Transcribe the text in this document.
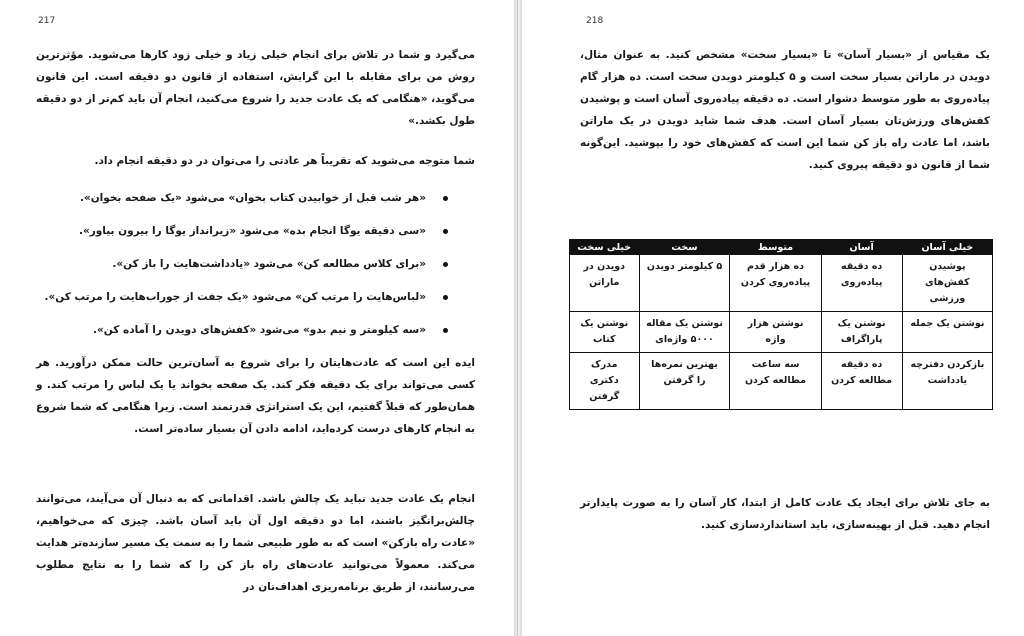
217

می‌گیرد و شما در تلاش برای انجام خیلی زیاد و خیلی زود کارها می‌شوید. مؤثرترین روش من برای مقابله با این گرایش، استفاده از قانون دو دقیقه است. این قانون می‌گوید، «هنگامی که یک عادت جدید را شروع می‌کنید، انجام آن باید کم‌تر از دو دقیقه طول بکشد.»

شما متوجه می‌شوید که تقریباً هر عادتی را می‌توان در دو دقیقه انجام داد.

«هر شب قبل از خوابیدن کتاب بخوان» می‌شود «یک صفحه بخوان».
«سی دقیقه یوگا انجام بده» می‌شود «زیرانداز یوگا را بیرون بیاور».
«برای کلاس مطالعه کن» می‌شود «یادداشت‌هایت را باز کن».
«لباس‌هایت را مرتب کن» می‌شود «یک جفت از جوراب‌هایت را مرتب کن».
«سه کیلومتر و نیم بدو» می‌شود «کفش‌های دویدن را آماده کن».

ایده این است که عادت‌هایتان را برای شروع به آسان‌ترین حالت ممکن درآورید. هر کسی می‌تواند برای یک دقیقه فکر کند. یک صفحه بخواند یا یک لباس را مرتب کند. و همان‌طور که قبلاً گفتیم، این یک استراتژی قدرتمند است. زیرا هنگامی که شما شروع به انجام کارهای درست کرده‌اید، ادامه دادن آن بسیار ساده‌تر است.

انجام یک عادت جدید نباید یک چالش باشد. اقداماتی که به دنبال آن می‌آیند، می‌توانند چالش‌برانگیز باشند، اما دو دقیقه اول آن باید آسان باشد. چیزی که می‌خواهیم، «عادت راه بازکن» است که به طور طبیعی شما را به سمت یک مسیر سازنده‌تر هدایت می‌کند. معمولاً می‌توانید عادت‌های راه باز کن را که شما را به نتایج مطلوب می‌رسانند، از طریق برنامه‌ریزی اهداف‌تان در

218

یک مقیاس از «بسیار آسان» تا «بسیار سخت» مشخص کنید. به عنوان مثال، دویدن در ماراتن بسیار سخت است و ۵ کیلومتر دویدن سخت است. ده هزار گام پیاده‌روی به طور متوسط دشوار است. ده دقیقه پیاده‌روی آسان است و پوشیدن کفش‌های ورزش‌تان بسیار آسان است. هدف شما شاید دویدن در یک ماراتن باشد، اما عادت راه باز کن شما این است که کفش‌های خود را بپوشید. این‌گونه شما از قانون دو دقیقه پیروی کنید.

به جای تلاش برای ایجاد یک عادت کامل از ابتدا، کار آسان را به صورت پایدارتر انجام دهید. قبل از بهینه‌سازی، باید استانداردسازی کنید.

خیلی آسان	آسان	متوسط	سخت	خیلی سخت
پوشیدن کفش‌های ورزشی	ده دقیقه پیاده‌روی	ده هزار قدم پیاده‌روی کردن	۵ کیلومتر دویدن	دویدن در ماراتن
نوشتن یک جمله	نوشتن یک پاراگراف	نوشتن هزار واژه	نوشتن یک مقاله ۵۰۰۰ واژه‌ای	نوشتن یک کتاب
بازکردن دفترچه یادداشت	ده دقیقه مطالعه کردن	سه ساعت مطالعه کردن	بهترین نمره‌ها را گرفتن	مدرک دکتری گرفتن
